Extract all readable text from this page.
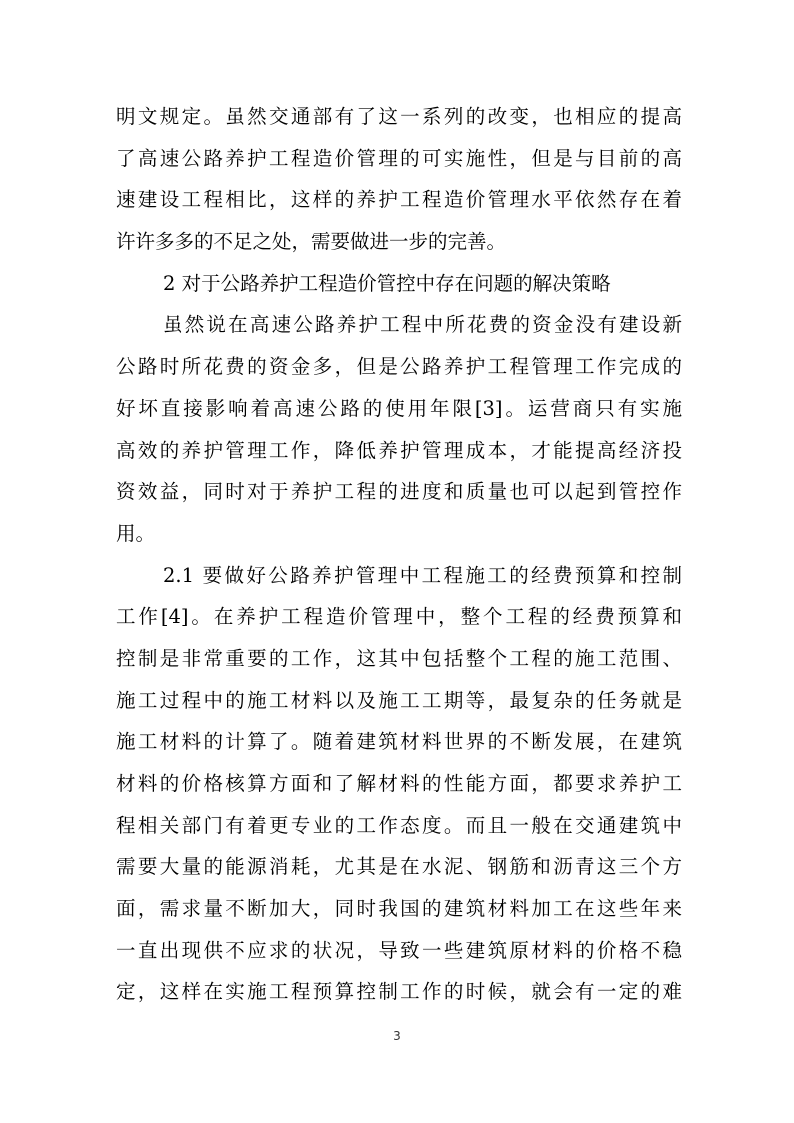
明文规定。虽然交通部有了这一系列的改变，也相应的提高
了高速公路养护工程造价管理的可实施性，但是与目前的高
速建设工程相比，这样的养护工程造价管理水平依然存在着
许许多多的不足之处，需要做进一步的完善。
2 对于公路养护工程造价管控中存在问题的解决策略
虽然说在高速公路养护工程中所花费的资金没有建设新
公路时所花费的资金多，但是公路养护工程管理工作完成的
好坏直接影响着高速公路的使用年限[3]。运营商只有实施
高效的养护管理工作，降低养护管理成本，才能提高经济投
资效益，同时对于养护工程的进度和质量也可以起到管控作
用。
2.1 要做好公路养护管理中工程施工的经费预算和控制
工作[4]。在养护工程造价管理中，整个工程的经费预算和
控制是非常重要的工作，这其中包括整个工程的施工范围、
施工过程中的施工材料以及施工工期等，最复杂的任务就是
施工材料的计算了。随着建筑材料世界的不断发展，在建筑
材料的价格核算方面和了解材料的性能方面，都要求养护工
程相关部门有着更专业的工作态度。而且一般在交通建筑中
需要大量的能源消耗，尤其是在水泥、钢筋和沥青这三个方
面，需求量不断加大，同时我国的建筑材料加工在这些年来
一直出现供不应求的状况，导致一些建筑原材料的价格不稳
定，这样在实施工程预算控制工作的时候，就会有一定的难
3
